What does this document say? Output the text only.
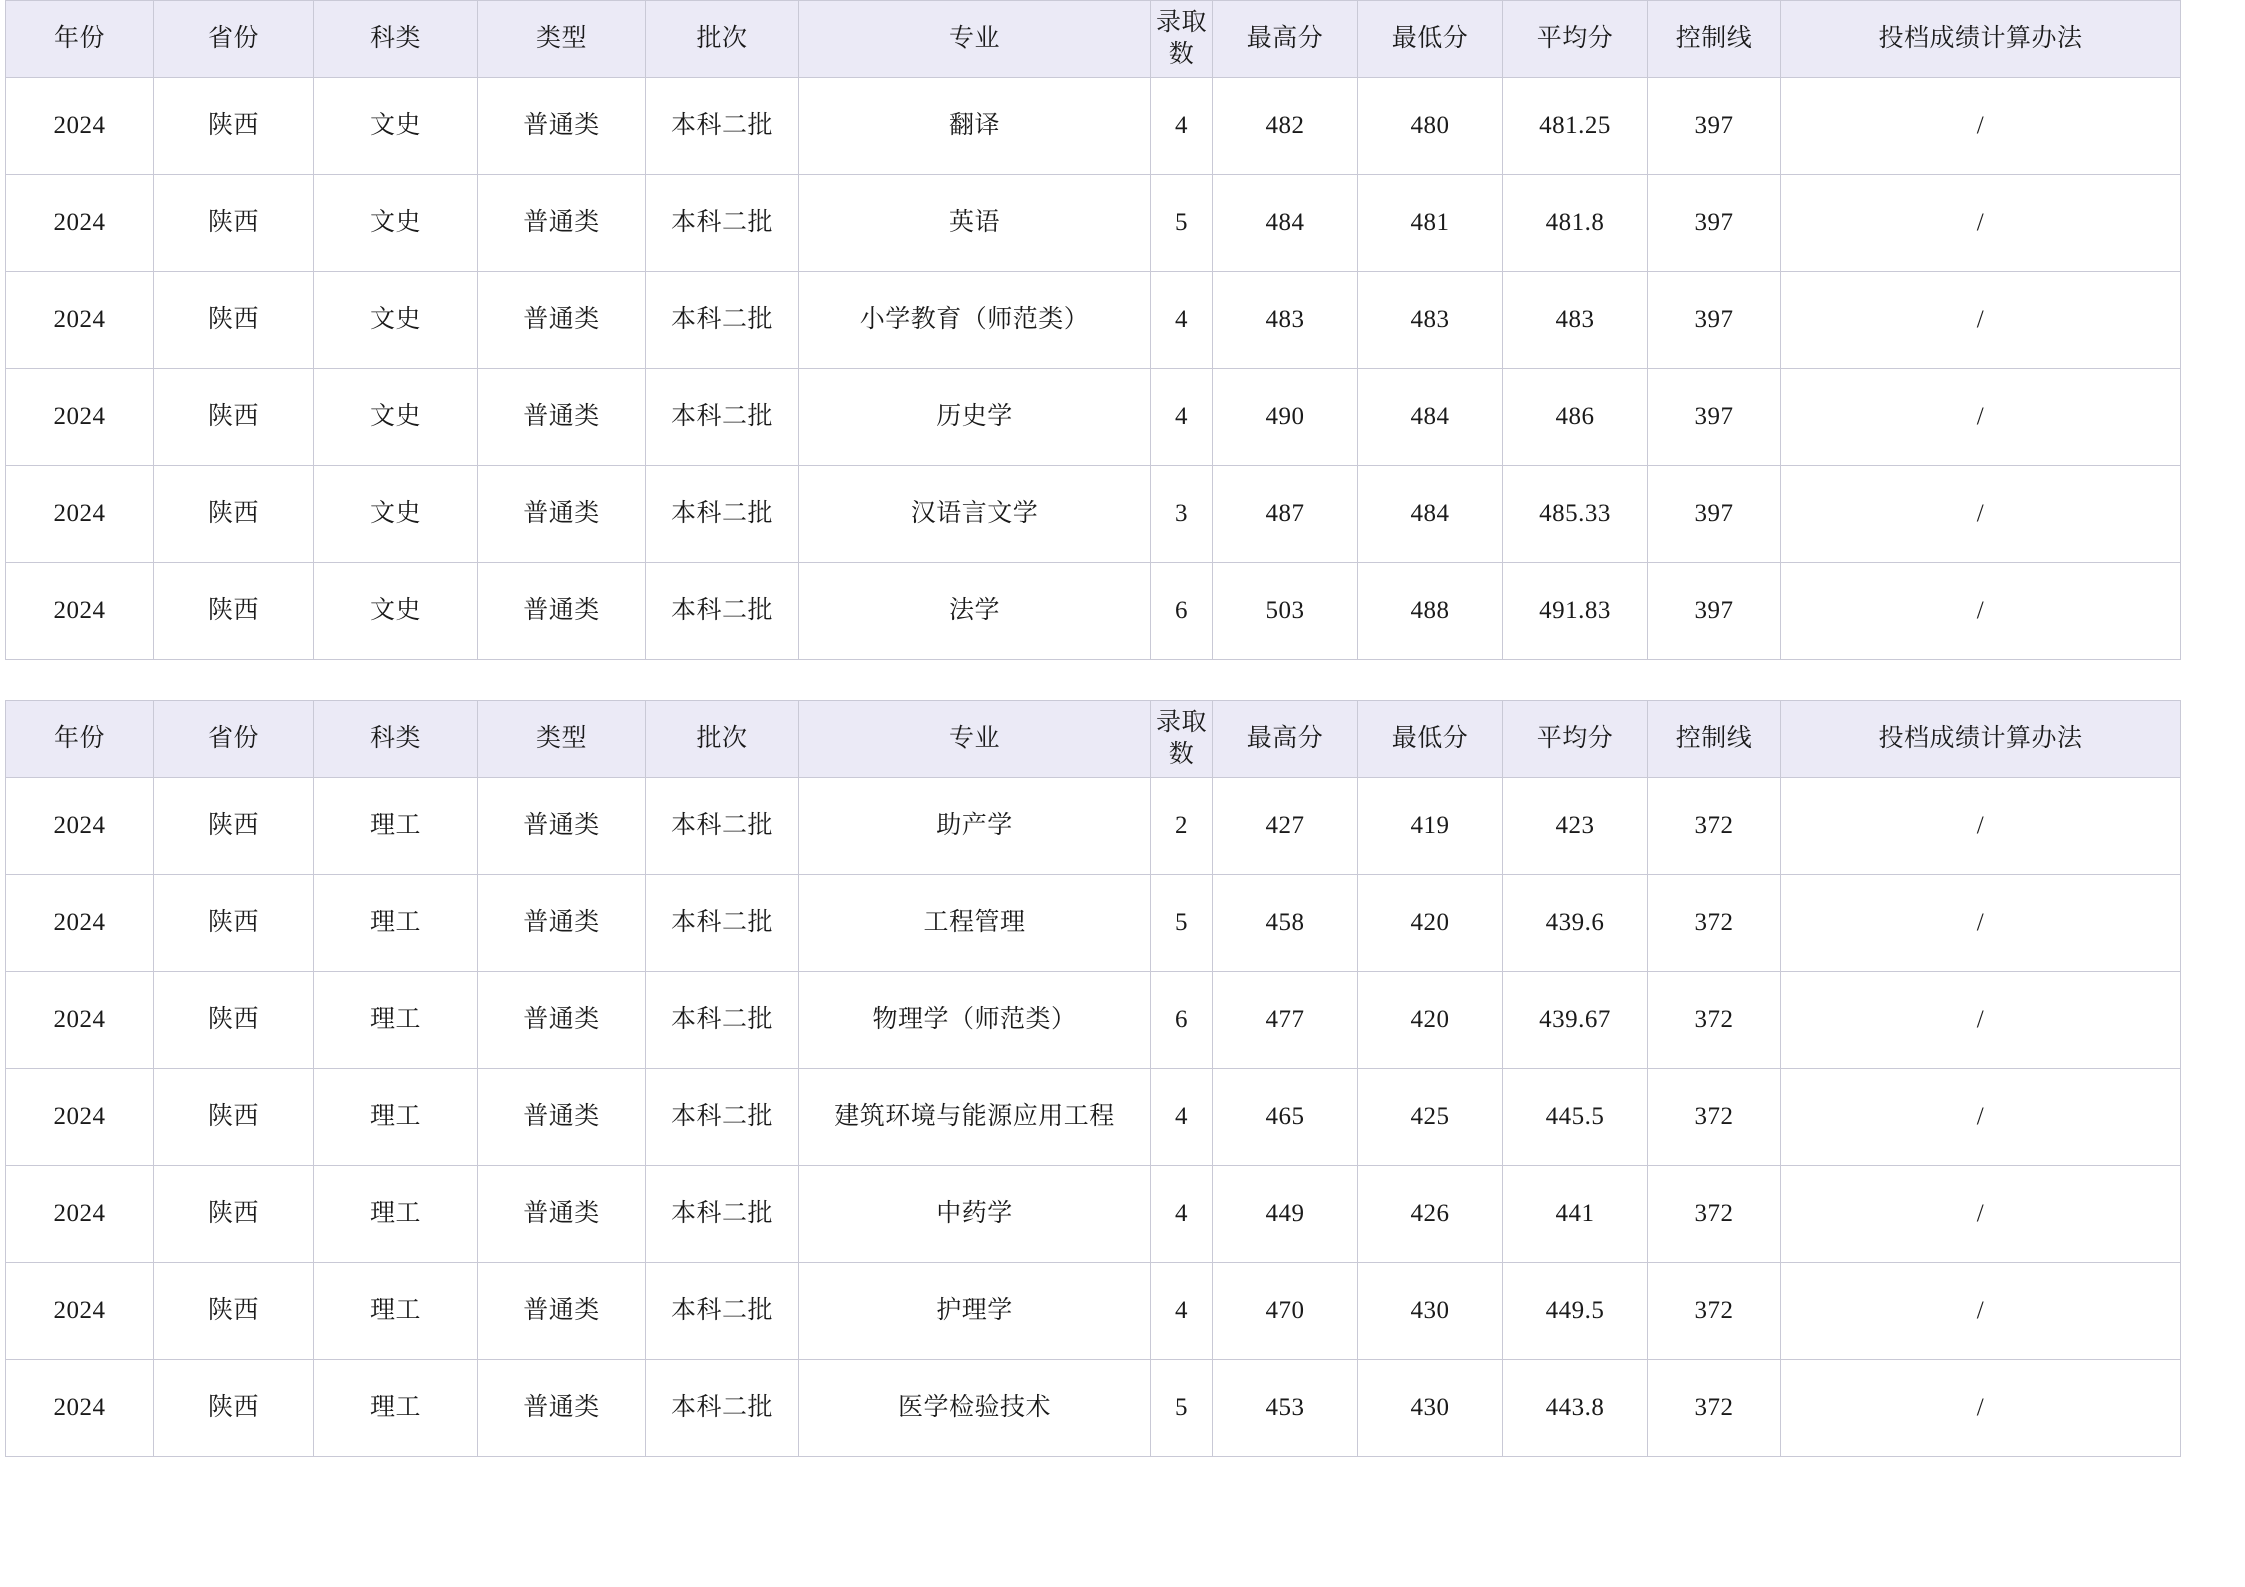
年份	省份	科类	类型	批次	专业	录取数	最高分	最低分	平均分	控制线	投档成绩计算办法
2024	陕西	文史	普通类	本科二批	翻译	4	482	480	481.25	397	/
2024	陕西	文史	普通类	本科二批	英语	5	484	481	481.8	397	/
2024	陕西	文史	普通类	本科二批	小学教育（师范类）	4	483	483	483	397	/
2024	陕西	文史	普通类	本科二批	历史学	4	490	484	486	397	/
2024	陕西	文史	普通类	本科二批	汉语言文学	3	487	484	485.33	397	/
2024	陕西	文史	普通类	本科二批	法学	6	503	488	491.83	397	/
年份	省份	科类	类型	批次	专业	录取数	最高分	最低分	平均分	控制线	投档成绩计算办法
2024	陕西	理工	普通类	本科二批	助产学	2	427	419	423	372	/
2024	陕西	理工	普通类	本科二批	工程管理	5	458	420	439.6	372	/
2024	陕西	理工	普通类	本科二批	物理学（师范类）	6	477	420	439.67	372	/
2024	陕西	理工	普通类	本科二批	建筑环境与能源应用工程	4	465	425	445.5	372	/
2024	陕西	理工	普通类	本科二批	中药学	4	449	426	441	372	/
2024	陕西	理工	普通类	本科二批	护理学	4	470	430	449.5	372	/
2024	陕西	理工	普通类	本科二批	医学检验技术	5	453	430	443.8	372	/
